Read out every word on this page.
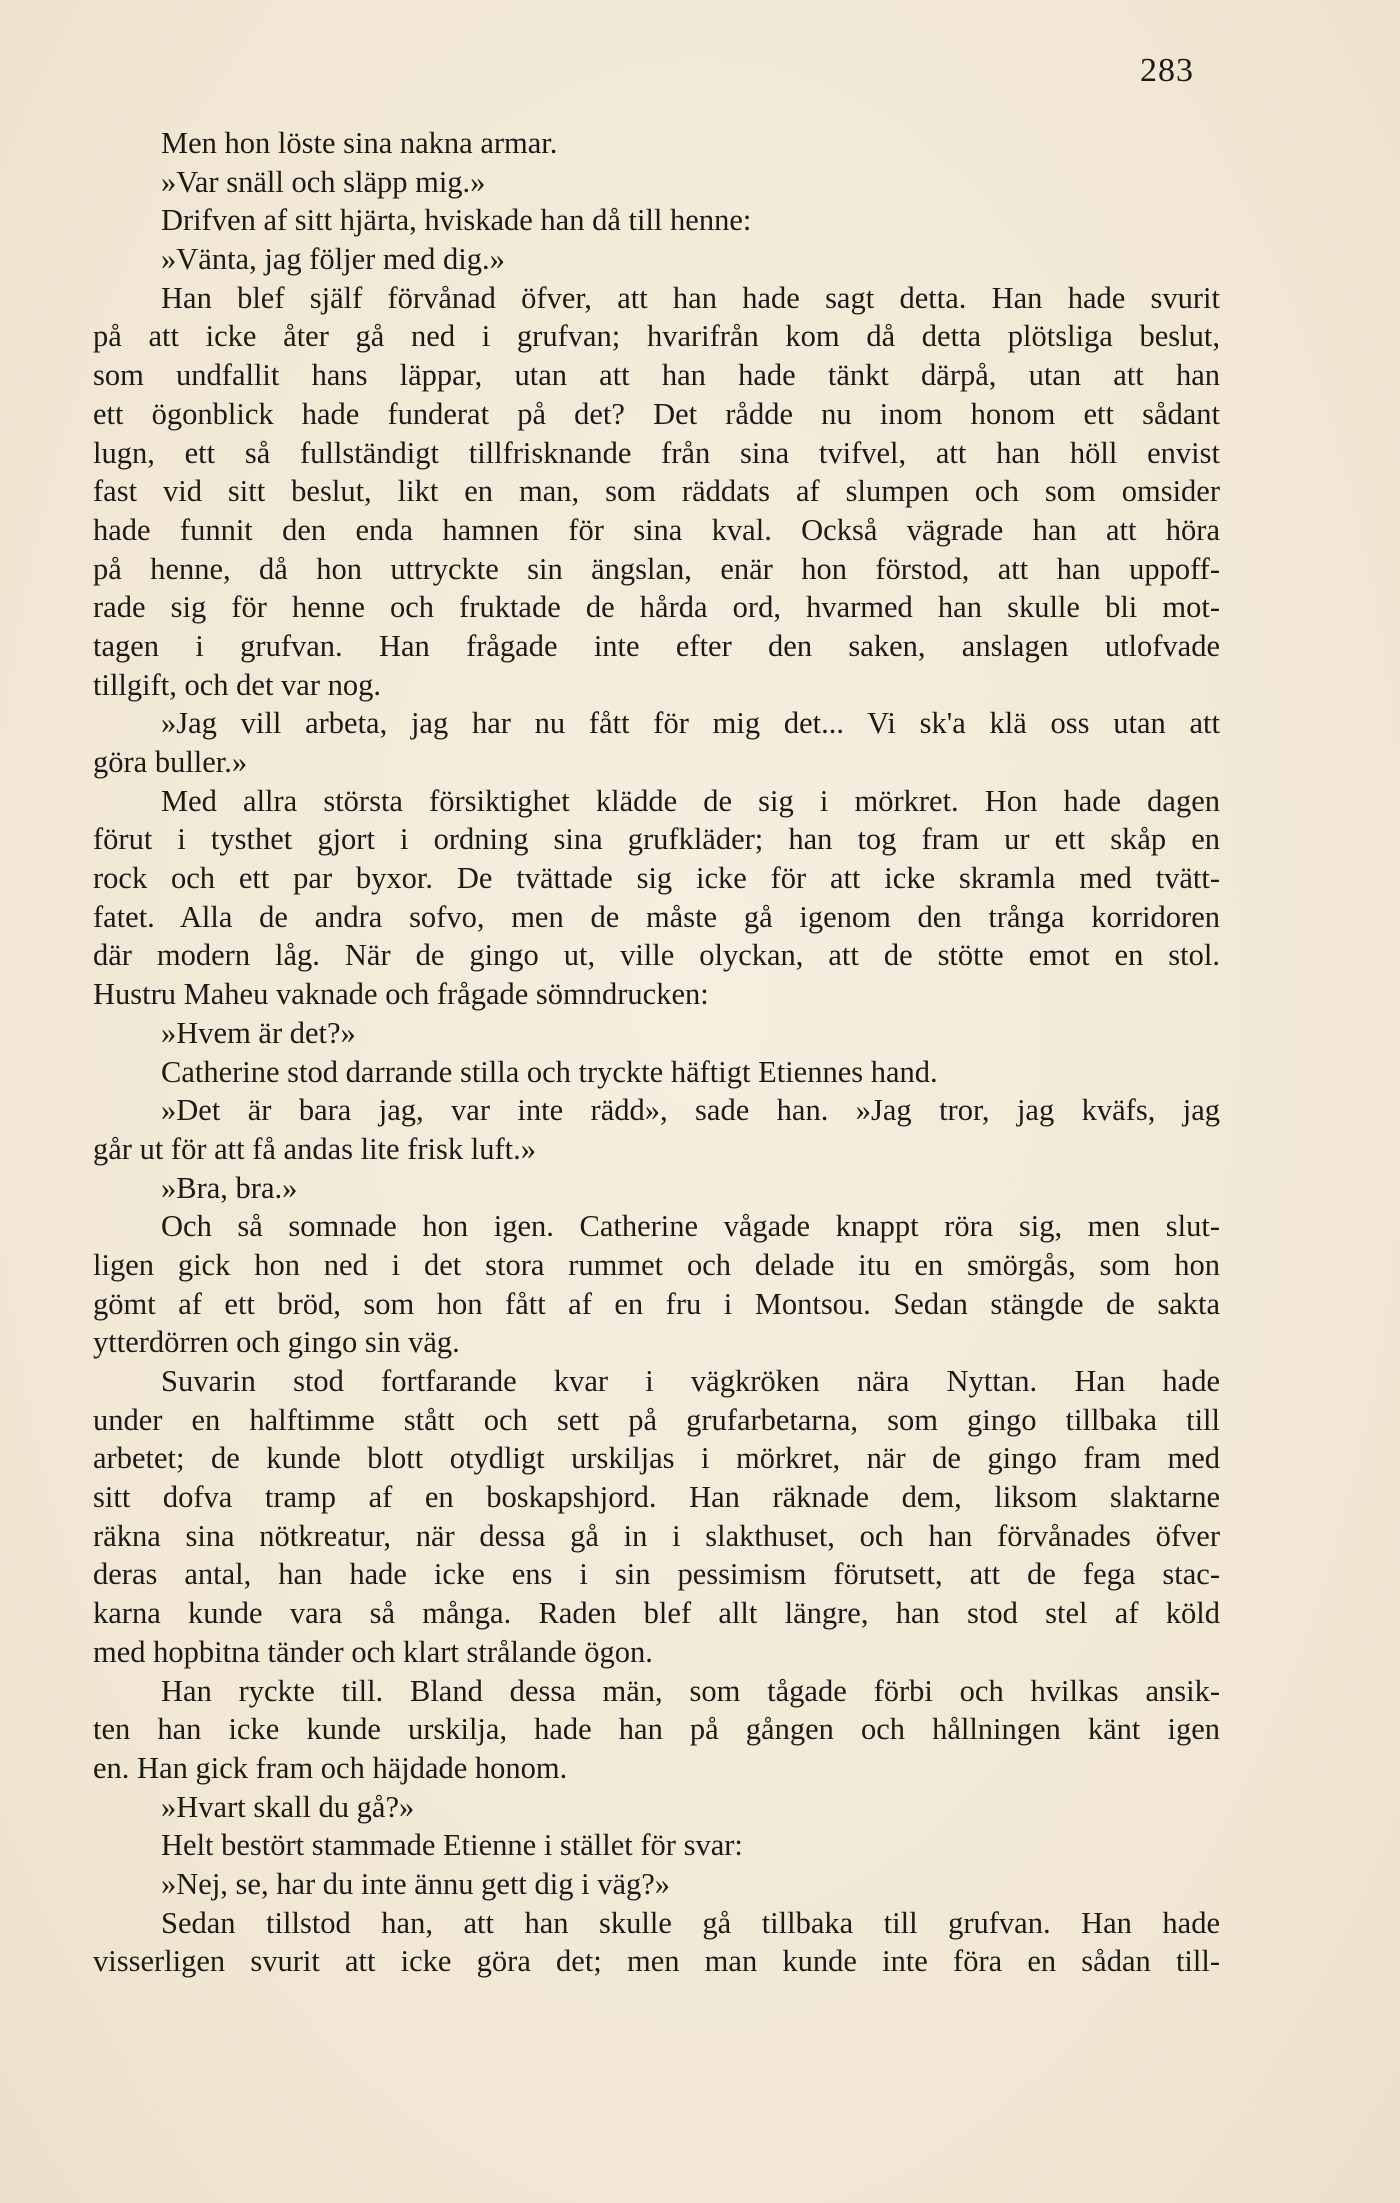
283
Men hon löste sina nakna armar.
»Var snäll och släpp mig.»
Drifven af sitt hjärta, hviskade han då till henne:
»Vänta, jag följer med dig.»
Han blef själf förvånad öfver, att han hade sagt detta. Han hade svurit
på att icke åter gå ned i grufvan; hvarifrån kom då detta plötsliga beslut,
som undfallit hans läppar, utan att han hade tänkt därpå, utan att han
ett ögonblick hade funderat på det? Det rådde nu inom honom ett sådant
lugn, ett så fullständigt tillfrisknande från sina tvifvel, att han höll envist
fast vid sitt beslut, likt en man, som räddats af slumpen och som omsider
hade funnit den enda hamnen för sina kval. Också vägrade han att höra
på henne, då hon uttryckte sin ängslan, enär hon förstod, att han uppoff-
rade sig för henne och fruktade de hårda ord, hvarmed han skulle bli mot-
tagen i grufvan. Han frågade inte efter den saken, anslagen utlofvade
tillgift, och det var nog.
»Jag vill arbeta, jag har nu fått för mig det... Vi sk'a klä oss utan att
göra buller.»
Med allra största försiktighet klädde de sig i mörkret. Hon hade dagen
förut i tysthet gjort i ordning sina grufkläder; han tog fram ur ett skåp en
rock och ett par byxor. De tvättade sig icke för att icke skramla med tvätt-
fatet. Alla de andra sofvo, men de måste gå igenom den trånga korridoren
där modern låg. När de gingo ut, ville olyckan, att de stötte emot en stol.
Hustru Maheu vaknade och frågade sömndrucken:
»Hvem är det?»
Catherine stod darrande stilla och tryckte häftigt Etiennes hand.
»Det är bara jag, var inte rädd», sade han. »Jag tror, jag kväfs, jag
går ut för att få andas lite frisk luft.»
»Bra, bra.»
Och så somnade hon igen. Catherine vågade knappt röra sig, men slut-
ligen gick hon ned i det stora rummet och delade itu en smörgås, som hon
gömt af ett bröd, som hon fått af en fru i Montsou. Sedan stängde de sakta
ytterdörren och gingo sin väg.
Suvarin stod fortfarande kvar i vägkröken nära Nyttan. Han hade
under en halftimme stått och sett på grufarbetarna, som gingo tillbaka till
arbetet; de kunde blott otydligt urskiljas i mörkret, när de gingo fram med
sitt dofva tramp af en boskapshjord. Han räknade dem, liksom slaktarne
räkna sina nötkreatur, när dessa gå in i slakthuset, och han förvånades öfver
deras antal, han hade icke ens i sin pessimism förutsett, att de fega stac-
karna kunde vara så många. Raden blef allt längre, han stod stel af köld
med hopbitna tänder och klart strålande ögon.
Han ryckte till. Bland dessa män, som tågade förbi och hvilkas ansik-
ten han icke kunde urskilja, hade han på gången och hållningen känt igen
en. Han gick fram och häjdade honom.
»Hvart skall du gå?»
Helt bestört stammade Etienne i stället för svar:
»Nej, se, har du inte ännu gett dig i väg?»
Sedan tillstod han, att han skulle gå tillbaka till grufvan. Han hade
visserligen svurit att icke göra det; men man kunde inte föra en sådan till-
